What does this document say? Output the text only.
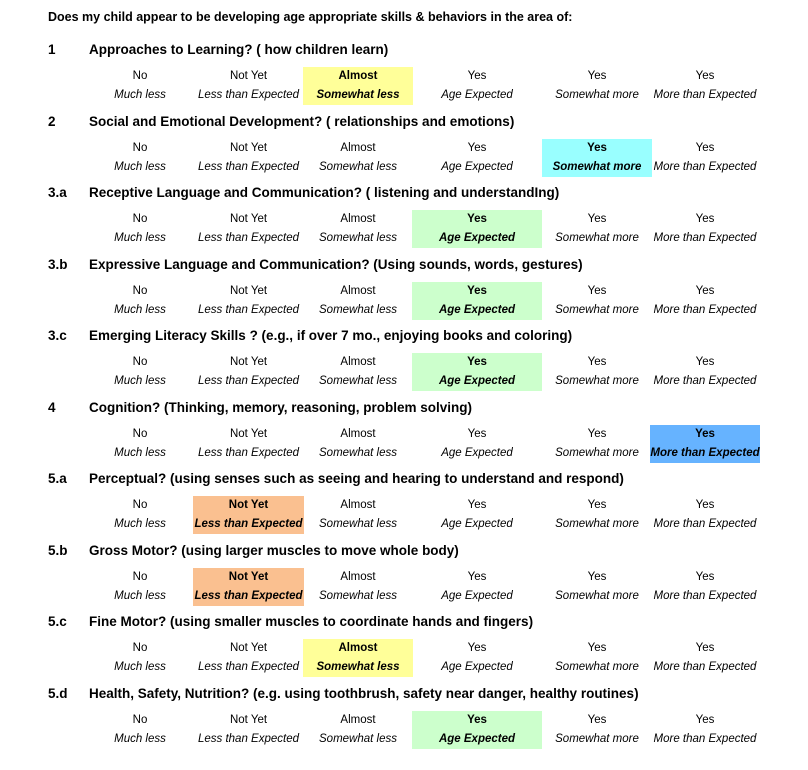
Does my child appear to be developing age appropriate skills & behaviors in the area of:
1 Approaches to Learning? ( how children learn)
No
Much less
Not Yet
Less than Expected
Almost
Somewhat less
Yes
Age Expected
Yes
Somewhat more
Yes
More than Expected
2 Social and Emotional Development? ( relationships and emotions)
No
Much less
Not Yet
Less than Expected
Almost
Somewhat less
Yes
Age Expected
Yes
Somewhat more
Yes
More than Expected
3.a Receptive Language and Communication? ( listening and understandIng)
No
Much less
Not Yet
Less than Expected
Almost
Somewhat less
Yes
Age Expected
Yes
Somewhat more
Yes
More than Expected
3.b Expressive Language and Communication? (Using sounds, words, gestures)
No
Much less
Not Yet
Less than Expected
Almost
Somewhat less
Yes
Age Expected
Yes
Somewhat more
Yes
More than Expected
3.c Emerging Literacy Skills ? (e.g., if over 7 mo., enjoying books and coloring)
No
Much less
Not Yet
Less than Expected
Almost
Somewhat less
Yes
Age Expected
Yes
Somewhat more
Yes
More than Expected
4 Cognition? (Thinking, memory, reasoning, problem solving)
No
Much less
Not Yet
Less than Expected
Almost
Somewhat less
Yes
Age Expected
Yes
Somewhat more
Yes
More than Expected
5.a Perceptual? (using senses such as seeing and hearing to understand and respond)
No
Much less
Not Yet
Less than Expected
Almost
Somewhat less
Yes
Age Expected
Yes
Somewhat more
Yes
More than Expected
5.b Gross Motor? (using larger muscles to move whole body)
No
Much less
Not Yet
Less than Expected
Almost
Somewhat less
Yes
Age Expected
Yes
Somewhat more
Yes
More than Expected
5.c Fine Motor? (using smaller muscles to coordinate hands and fingers)
No
Much less
Not Yet
Less than Expected
Almost
Somewhat less
Yes
Age Expected
Yes
Somewhat more
Yes
More than Expected
5.d Health, Safety, Nutrition? (e.g. using toothbrush, safety near danger, healthy routines)
No
Much less
Not Yet
Less than Expected
Almost
Somewhat less
Yes
Age Expected
Yes
Somewhat more
Yes
More than Expected
